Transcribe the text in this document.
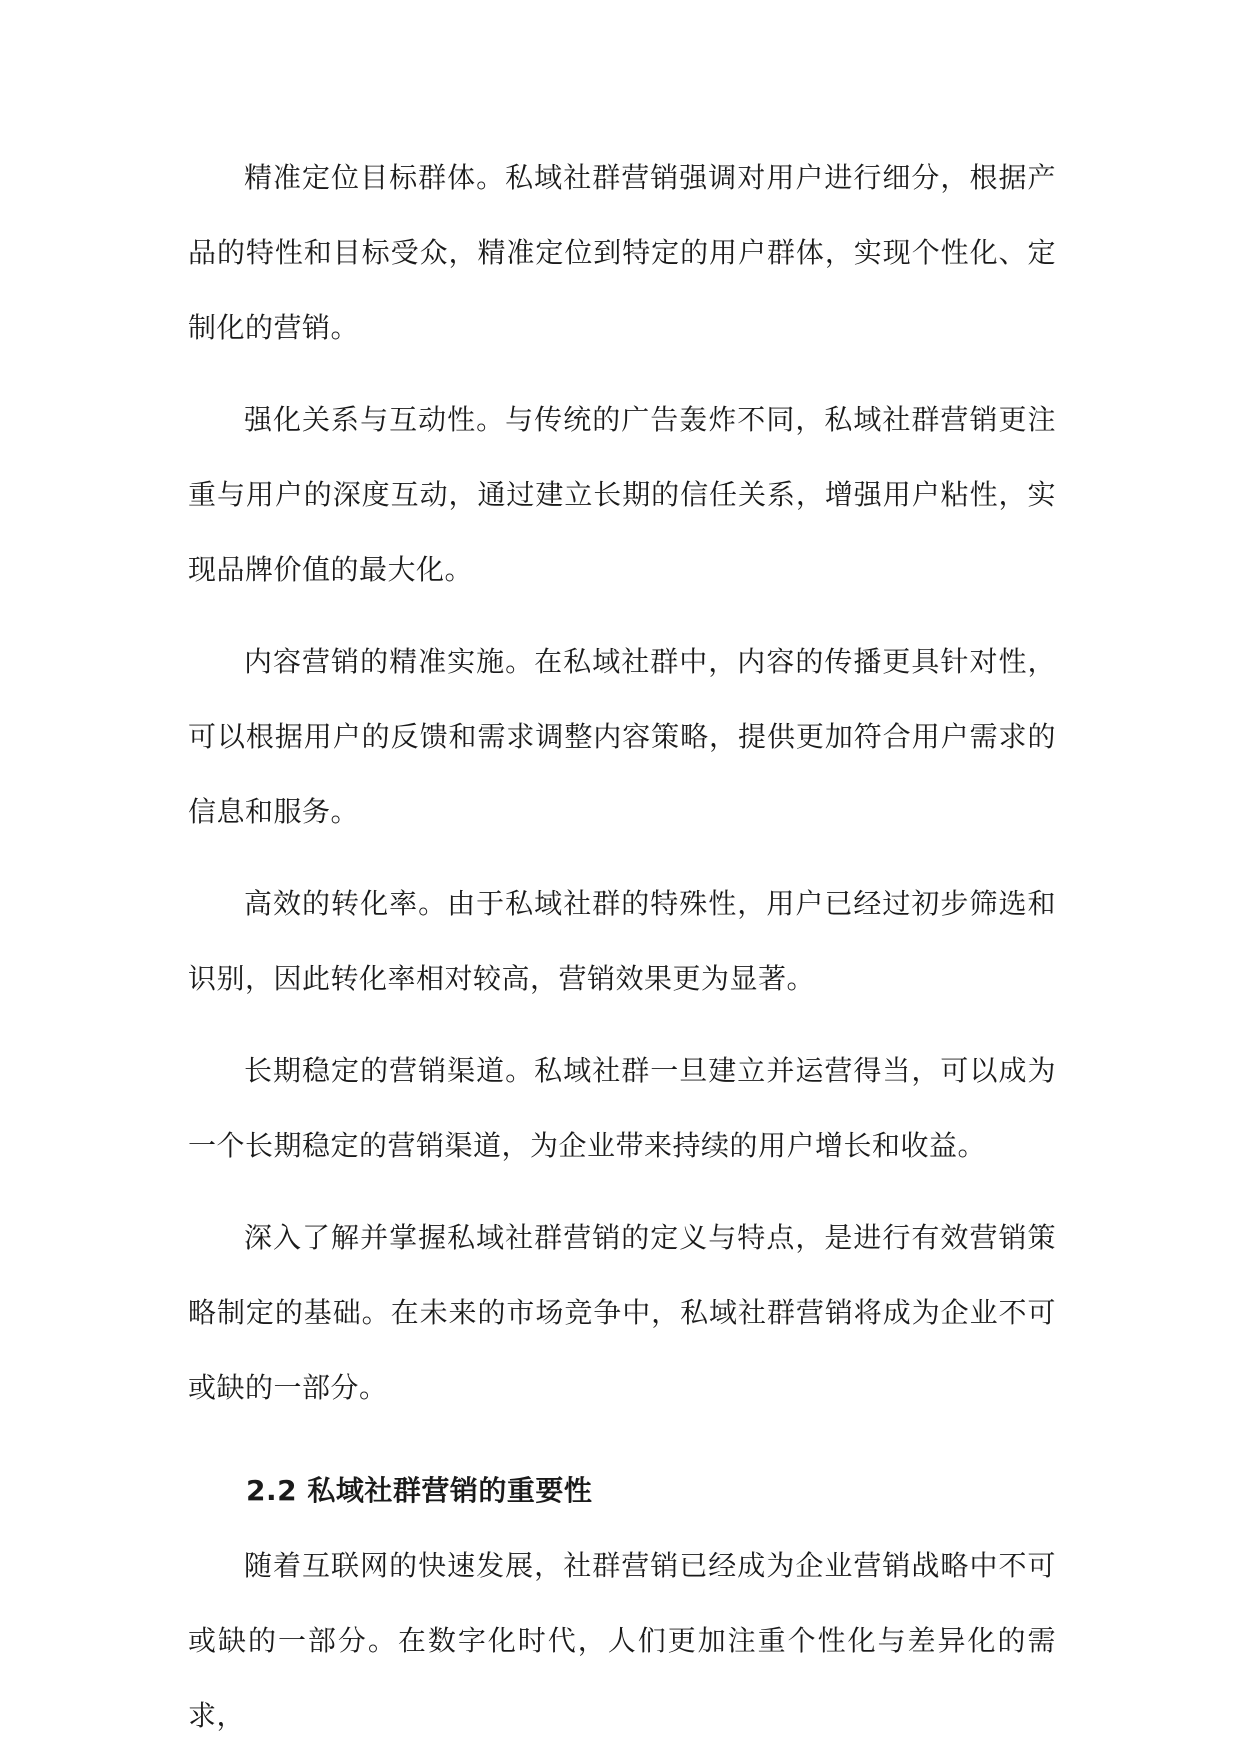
精准定位目标群体。私域社群营销强调对用户进行细分，根据产品的特性和目标受众，精准定位到特定的用户群体，实现个性化、定制化的营销。

强化关系与互动性。与传统的广告轰炸不同，私域社群营销更注重与用户的深度互动，通过建立长期的信任关系，增强用户粘性，实现品牌价值的最大化。

内容营销的精准实施。在私域社群中，内容的传播更具针对性，可以根据用户的反馈和需求调整内容策略，提供更加符合用户需求的信息和服务。

高效的转化率。由于私域社群的特殊性，用户已经过初步筛选和识别，因此转化率相对较高，营销效果更为显著。

长期稳定的营销渠道。私域社群一旦建立并运营得当，可以成为一个长期稳定的营销渠道，为企业带来持续的用户增长和收益。

深入了解并掌握私域社群营销的定义与特点，是进行有效营销策略制定的基础。在未来的市场竞争中，私域社群营销将成为企业不可或缺的一部分。

2.2 私域社群营销的重要性

随着互联网的快速发展，社群营销已经成为企业营销战略中不可或缺的一部分。在数字化时代，人们更加注重个性化与差异化的需求，
